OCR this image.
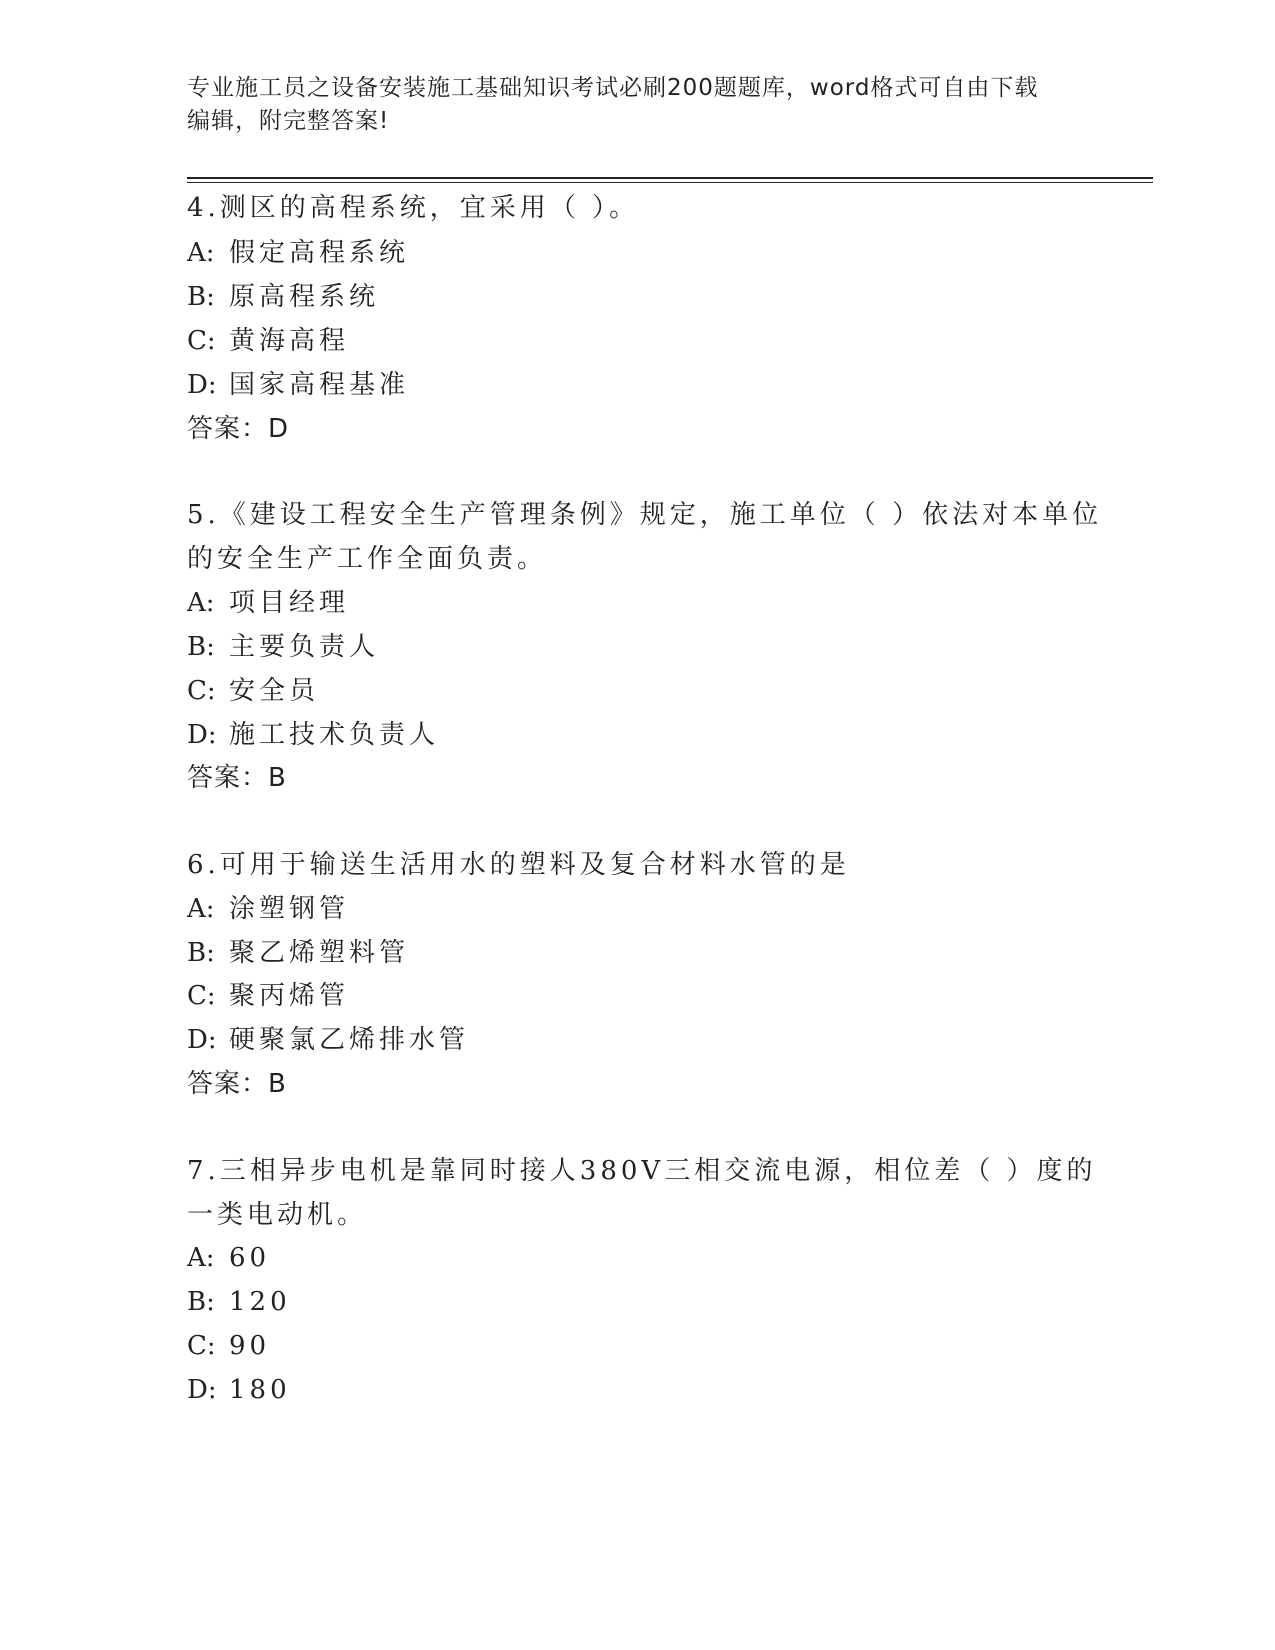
专业施工员之设备安装施工基础知识考试必刷200题题库，word格式可自由下载
编辑，附完整答案!
4.测区的高程系统，宜采用（ ）。
A: 假定高程系统
B: 原高程系统
C: 黄海高程
D: 国家高程基准
答案：D
5.《建设工程安全生产管理条例》规定，施工单位（ ）依法对本单位
的安全生产工作全面负责。
A: 项目经理
B: 主要负责人
C: 安全员
D: 施工技术负责人
答案：B
6.可用于输送生活用水的塑料及复合材料水管的是
A: 涂塑钢管
B: 聚乙烯塑料管
C: 聚丙烯管
D: 硬聚氯乙烯排水管
答案：B
7.三相异步电机是靠同时接人380V三相交流电源，相位差（ ）度的
一类电动机。
A: 60
B: 120
C: 90
D: 180
